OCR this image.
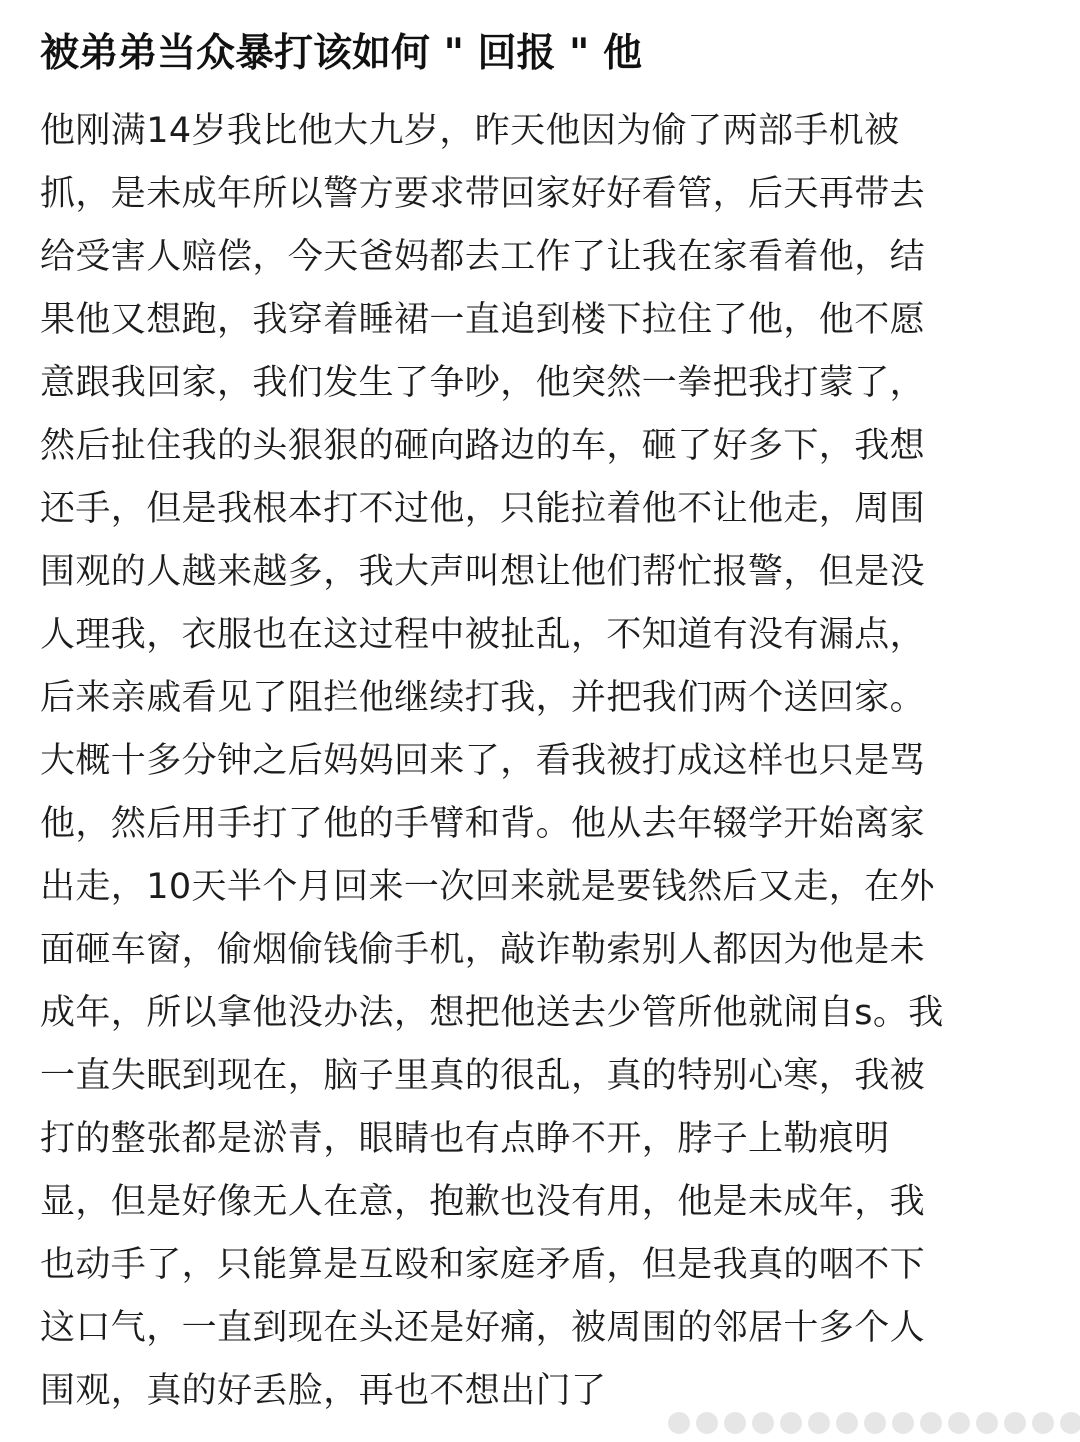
被弟弟当众暴打该如何 " 回报 " 他
他刚满14岁我比他大九岁，昨天他因为偷了两部手机被
抓，是未成年所以警方要求带回家好好看管，后天再带去
给受害人赔偿，今天爸妈都去工作了让我在家看着他，结
果他又想跑，我穿着睡裙一直追到楼下拉住了他，他不愿
意跟我回家，我们发生了争吵，他突然一拳把我打蒙了，
然后扯住我的头狠狠的砸向路边的车，砸了好多下，我想
还手，但是我根本打不过他，只能拉着他不让他走，周围
围观的人越来越多，我大声叫想让他们帮忙报警，但是没
人理我，衣服也在这过程中被扯乱，不知道有没有漏点，
后来亲戚看见了阻拦他继续打我，并把我们两个送回家。
大概十多分钟之后妈妈回来了，看我被打成这样也只是骂
他，然后用手打了他的手臂和背。他从去年辍学开始离家
出走，10天半个月回来一次回来就是要钱然后又走，在外
面砸车窗，偷烟偷钱偷手机，敲诈勒索别人都因为他是未
成年，所以拿他没办法，想把他送去少管所他就闹自s。我
一直失眠到现在，脑子里真的很乱，真的特别心寒，我被
打的整张都是淤青，眼睛也有点睁不开，脖子上勒痕明
显，但是好像无人在意，抱歉也没有用，他是未成年，我
也动手了，只能算是互殴和家庭矛盾，但是我真的咽不下
这口气，一直到现在头还是好痛，被周围的邻居十多个人
围观，真的好丢脸，再也不想出门了
